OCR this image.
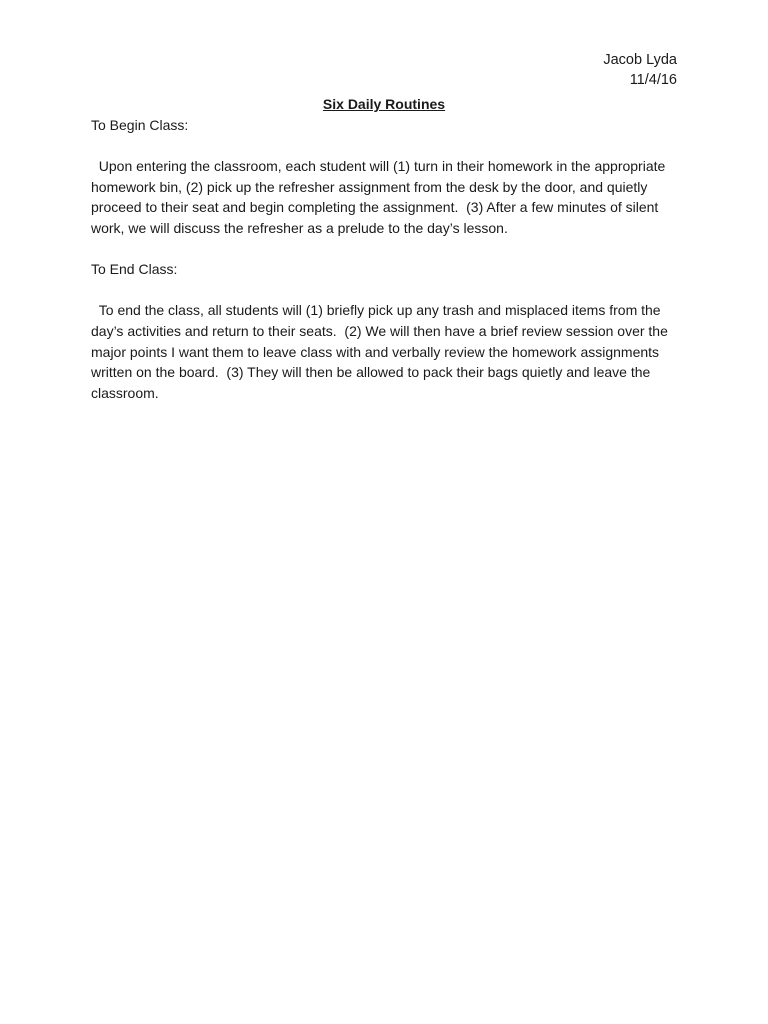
Jacob Lyda
11/4/16
Six Daily Routines

To Begin Class:

Upon entering the classroom, each student will (1) turn in their homework in the appropriate homework bin, (2) pick up the refresher assignment from the desk by the door, and quietly proceed to their seat and begin completing the assignment.  (3) After a few minutes of silent work, we will discuss the refresher as a prelude to the day’s lesson.

To End Class:

To end the class, all students will (1) briefly pick up any trash and misplaced items from the day’s activities and return to their seats.  (2) We will then have a brief review session over the major points I want them to leave class with and verbally review the homework assignments written on the board.  (3) They will then be allowed to pack their bags quietly and leave the classroom.
